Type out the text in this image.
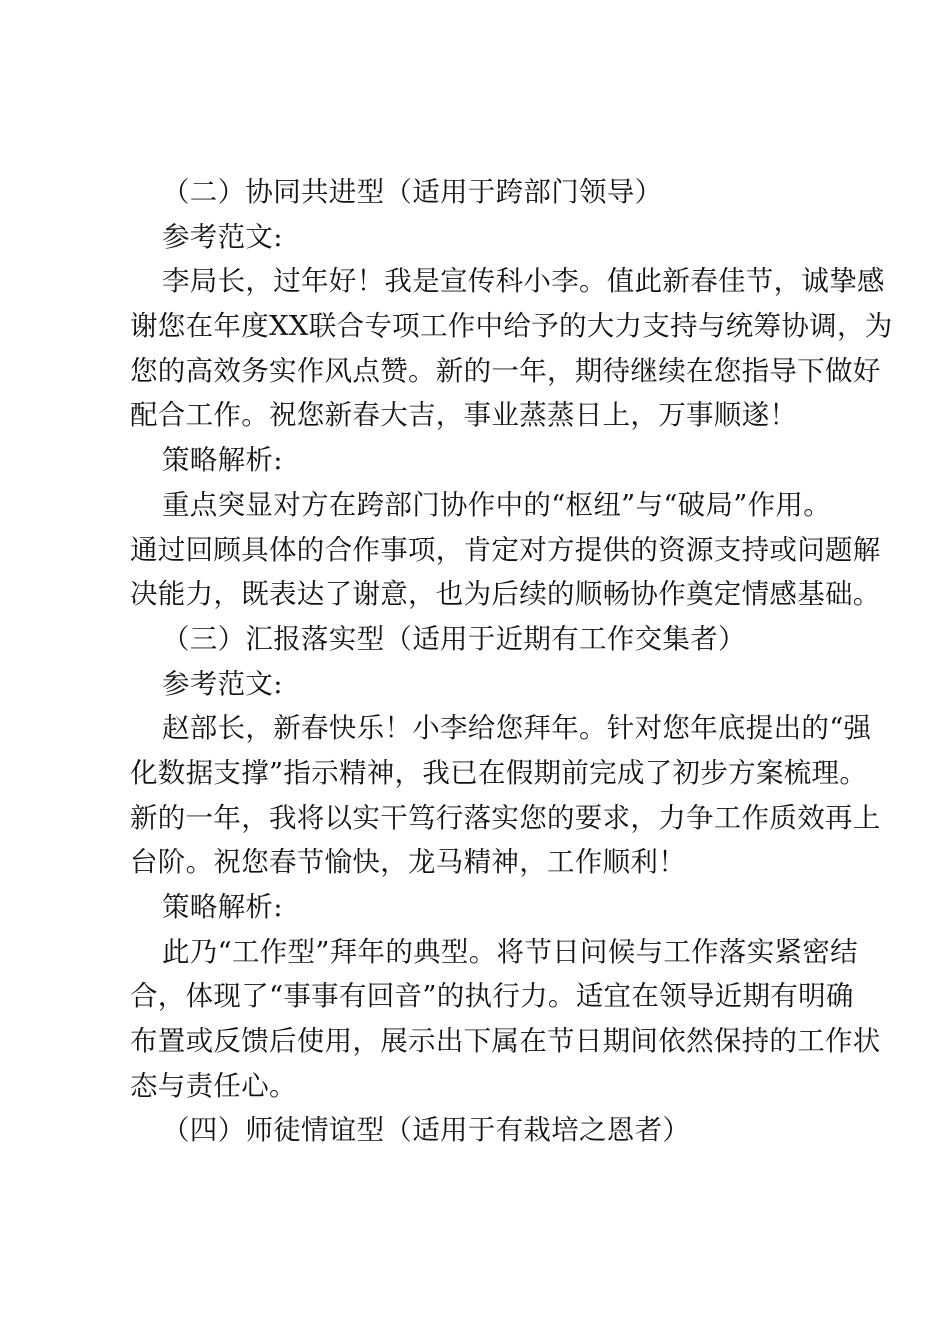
（二）协同共进型（适用于跨部门领导）
参考范文:
李局长，过年好！我是宣传科小李。值此新春佳节，诚挚感
谢您在年度XX联合专项工作中给予的大力支持与统筹协调，为
您的高效务实作风点赞。新的一年，期待继续在您指导下做好
配合工作。祝您新春大吉，事业蒸蒸日上，万事顺遂！
策略解析:
重点突显对方在跨部门协作中的“枢纽”与“破局”作用。
通过回顾具体的合作事项，肯定对方提供的资源支持或问题解
决能力，既表达了谢意，也为后续的顺畅协作奠定情感基础。
（三）汇报落实型（适用于近期有工作交集者）
参考范文:
赵部长，新春快乐！小李给您拜年。针对您年底提出的“强
化数据支撑”指示精神，我已在假期前完成了初步方案梳理。
新的一年，我将以实干笃行落实您的要求，力争工作质效再上
台阶。祝您春节愉快，龙马精神，工作顺利！
策略解析:
此乃“工作型”拜年的典型。将节日问候与工作落实紧密结
合，体现了“事事有回音”的执行力。适宜在领导近期有明确
布置或反馈后使用，展示出下属在节日期间依然保持的工作状
态与责任心。
（四）师徒情谊型（适用于有栽培之恩者）
